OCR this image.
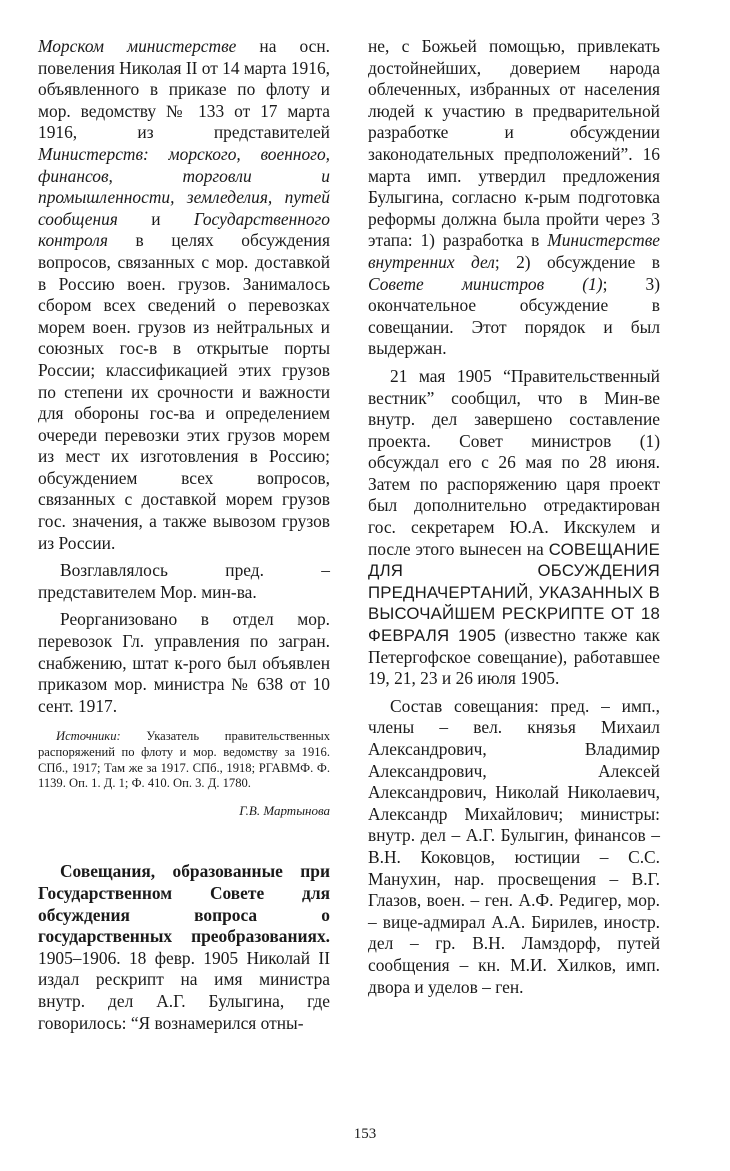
Морском министерстве на осн. повеления Николая II от 14 марта 1916, объявленного в приказе по флоту и мор. ведомству № 133 от 17 марта 1916, из представителей Министерств: морского, военного, финансов, торговли и промышленности, земледелия, путей сообщения и Государственного контроля в целях обсуждения вопросов, связанных с мор. доставкой в Россию воен. грузов. Занималось сбором всех сведений о перевозках морем воен. грузов из нейтральных и союзных гос-в в открытые порты России; классификацией этих грузов по степени их срочности и важности для обороны гос-ва и определением очереди перевозки этих грузов морем из мест их изготовления в Россию; обсуждением всех вопросов, связанных с доставкой морем грузов гос. значения, а также вывозом грузов из России.

Возглавлялось пред. – представителем Мор. мин-ва.

Реорганизовано в отдел мор. перевозок Гл. управления по загран. снабжению, штат к-рого был объявлен приказом мор. министра № 638 от 10 сент. 1917.

Источники: Указатель правительственных распоряжений по флоту и мор. ведомству за 1916. СПб., 1917; Там же за 1917. СПб., 1918; РГАВМФ. Ф. 1139. Оп. 1. Д. 1; Ф. 410. Оп. 3. Д. 1780.

Г.В. Мартынова

Совещания, образованные при Государственном Совете для обсуждения вопроса о государственных преобразованиях. 1905–1906. 18 февр. 1905 Николай II издал рескрипт на имя министра внутр. дел А.Г. Булыгина, где говорилось: “Я вознамерился отны-

не, с Божьей помощью, привлекать достойнейших, доверием народа облеченных, избранных от населения людей к участию в предварительной разработке и обсуждении законодательных предположений”. 16 марта имп. утвердил предложения Булыгина, согласно к-рым подготовка реформы должна была пройти через 3 этапа: 1) разработка в Министерстве внутренних дел; 2) обсуждение в Совете министров (1); 3) окончательное обсуждение в совещании. Этот порядок и был выдержан.

21 мая 1905 “Правительственный вестник” сообщил, что в Мин-ве внутр. дел завершено составление проекта. Совет министров (1) обсуждал его с 26 мая по 28 июня. Затем по распоряжению царя проект был дополнительно отредактирован гос. секретарем Ю.А. Икскулем и после этого вынесен на СОВЕЩАНИЕ ДЛЯ ОБСУЖДЕНИЯ ПРЕДНАЧЕРТАНИЙ, УКАЗАННЫХ В ВЫСОЧАЙШЕМ РЕСКРИПТЕ ОТ 18 ФЕВРАЛЯ 1905 (известно также как Петергофское совещание), работавшее 19, 21, 23 и 26 июля 1905.

Состав совещания: пред. – имп., члены – вел. князья Михаил Александрович, Владимир Александрович, Алексей Александрович, Николай Николаевич, Александр Михайлович; министры: внутр. дел – А.Г. Булыгин, финансов – В.Н. Коковцов, юстиции – С.С. Манухин, нар. просвещения – В.Г. Глазов, воен. – ген. А.Ф. Редигер, мор. – вице-адмирал А.А. Бирилев, иностр. дел – гр. В.Н. Ламздорф, путей сообщения – кн. М.И. Хилков, имп. двора и уделов – ген.

153
